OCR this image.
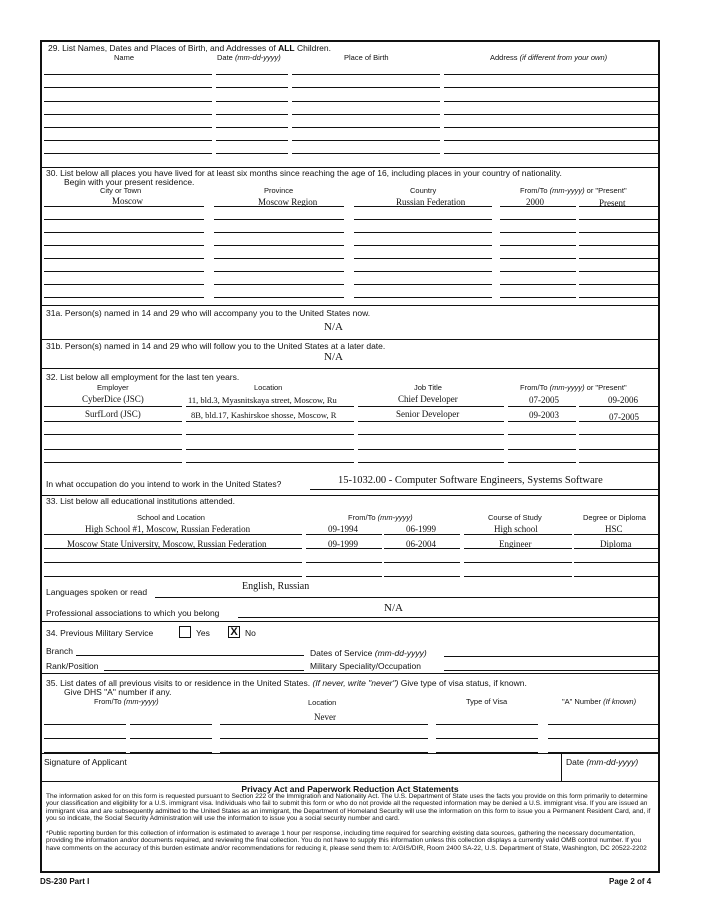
29. List Names, Dates and Places of Birth, and Addresses of ALL Children.
Name	Date (mm-dd-yyyy)	Place of Birth	Address (if different from your own)
30. List below all places you have lived for at least six months since reaching the age of 16, including places in your country of nationality.
Begin with your present residence.
City or Town	Province	Country	From/To (mm-yyyy) or "Present"
Moscow	Moscow Region	Russian Federation	2000	Present
31a. Person(s) named in 14 and 29 who will accompany you to the United States now.
N/A
31b. Person(s) named in 14 and 29 who will follow you to the United States at a later date.
N/A
32. List below all employment for the last ten years.
Employer	Location	Job Title	From/To (mm-yyyy) or "Present"
CyberDice (JSC)	11, bld.3, Myasnitskaya street, Moscow, Ru	Chief Developer	07-2005	09-2006
SurfLord (JSC)	8B, bld.17, Kashirskoe shosse, Moscow, R	Senior Developer	09-2003	07-2005
In what occupation do you intend to work in the United States?	15-1032.00 - Computer Software Engineers, Systems Software
33. List below all educational institutions attended.
School and Location	From/To (mm-yyyy)	Course of Study	Degree or Diploma
High School #1, Moscow, Russian Federation	09-1994	06-1999	High school	HSC
Moscow State University, Moscow, Russian Federation	09-1999	06-2004	Engineer	Diploma
Languages spoken or read	English, Russian
Professional associations to which you belong	N/A
34. Previous Military Service	Yes X No
Branch	Dates of Service (mm-dd-yyyy)
Rank/Position	Military Speciality/Occupation
35. List dates of all previous visits to or residence in the United States. (If never, write "never") Give type of visa status, if known.
Give DHS "A" number if any.
From/To (mm-yyyy)	Location	Type of Visa	"A" Number (If known)
Never
Signature of Applicant	Date (mm-dd-yyyy)
Privacy Act and Paperwork Reduction Act Statements
The information asked for on this form is requested pursuant to Section 222 of the Immigration and Nationality Act. The U.S. Department of State uses the facts you provide on this form primarily to determine your classification and eligibility for a U.S. immigrant visa. Individuals who fail to submit this form or who do not provide all the requested information may be denied a U.S. immigrant visa. If you are issued an immigrant visa and are subsequently admitted to the United States as an immigrant, the Department of Homeland Security will use the information on this form to issue you a Permanent Resident Card, and, if you so indicate, the Social Security Administration will use the information to issue you a social security number and card.
*Public reporting burden for this collection of information is estimated to average 1 hour per response, including time required for searching existing data sources, gathering the necessary documentation, providing the information and/or documents required, and reviewing the final collection. You do not have to supply this information unless this collection displays a currently valid OMB control number. If you have comments on the accuracy of this burden estimate and/or recommendations for reducing it, please send them to: A/GIS/DIR, Room 2400 SA-22, U.S. Department of State, Washington, DC 20522-2202
DS-230 Part I	Page 2 of 4
